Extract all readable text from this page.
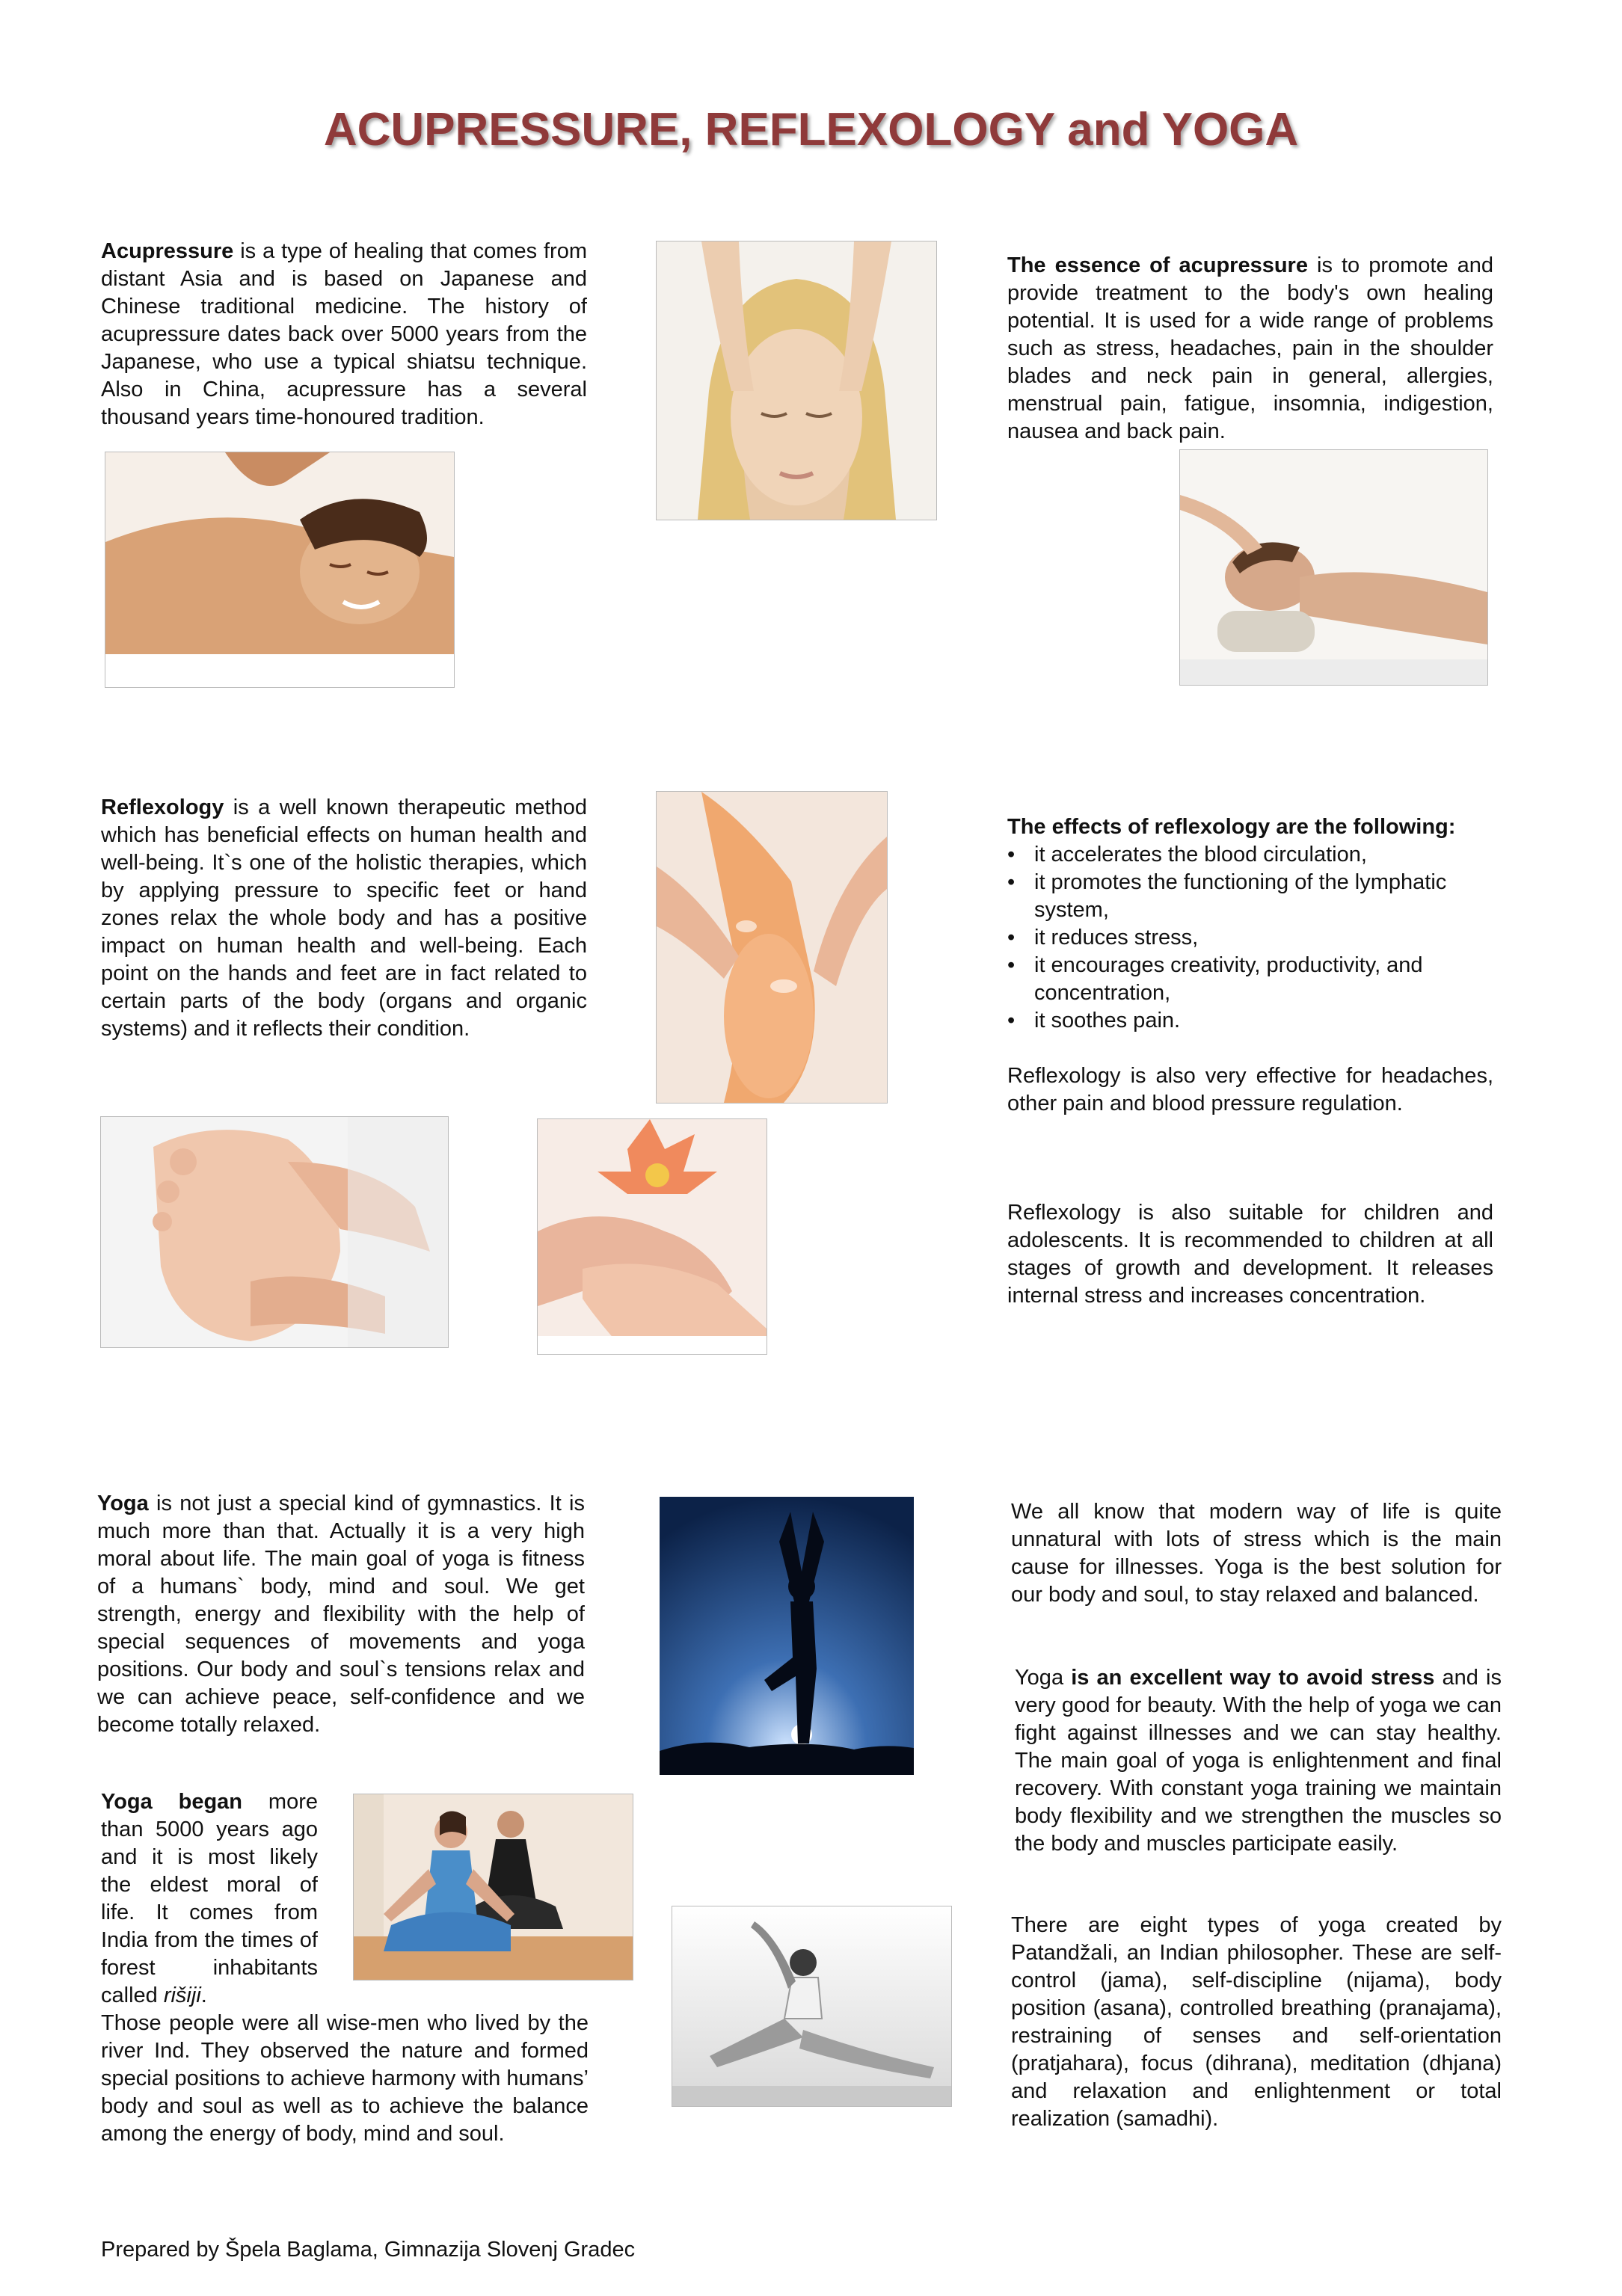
ACUPRESSURE, REFLEXOLOGY and YOGA
Acupressure is a type of healing that comes from distant Asia and is based on Japanese and Chinese traditional medicine. The history of acupressure dates back over 5000 years from the Japanese, who use a typical shiatsu technique. Also in China, acupressure has a several thousand years time-honoured tradition.
The essence of acupressure is to promote and provide treatment to the body's own healing potential. It is used for a wide range of problems such as stress, headaches, pain in the shoulder blades and neck pain in general, allergies, menstrual pain, fatigue, insomnia, indigestion, nausea and back pain.
Reflexology is a well known therapeutic method which has beneficial effects on human health and well-being. It`s one of the holistic therapies, which by applying pressure to specific feet or hand zones relax the whole body and has a positive impact on human health and well-being. Each point on the hands and feet are in fact related to certain parts of the body (organs and organic systems) and it reflects their condition.
The effects of reflexology are the following:
• it accelerates the blood circulation,
• it promotes the functioning of the lymphatic system,
• it reduces stress,
• it encourages creativity, productivity, and concentration,
• it soothes pain.
Reflexology is also very effective for headaches, other pain and blood pressure regulation.
Reflexology is also suitable for children and adolescents. It is recommended to children at all stages of growth and development. It releases internal stress and increases concentration.
Yoga is not just a special kind of gymnastics. It is much more than that. Actually it is a very high moral about life. The main goal of yoga is fitness of a humans` body, mind and soul. We get strength, energy and flexibility with the help of special sequences of movements and yoga positions. Our body and soul`s tensions relax and we can achieve peace, self-confidence and we become totally relaxed.
We all know that modern way of life is quite unnatural with lots of stress which is the main cause for illnesses. Yoga is the best solution for our body and soul, to stay relaxed and balanced.
Yoga began more than 5000 years ago and it is most likely the eldest moral of life. It comes from India from the times of forest inhabitants called rišiji.
Those people were all wise-men who lived by the river Ind. They observed the nature and formed special positions to achieve harmony with humans’ body and soul as well as to achieve the balance among the energy of body, mind and soul.
Yoga is an excellent way to avoid stress and is very good for beauty. With the help of yoga we can fight against illnesses and we can stay healthy. The main goal of yoga is enlightenment and final recovery. With constant yoga training we maintain body flexibility and we strengthen the muscles so the body and muscles participate easily.
There are eight types of yoga created by Patandžali, an Indian philosopher. These are self-control (jama), self-discipline (nijama), body position (asana), controlled breathing (pranajama), restraining of senses and self-orientation (pratjahara), focus (dihrana), meditation (dhjana) and relaxation and enlightenment or total realization (samadhi).
Prepared by Špela Baglama, Gimnazija Slovenj Gradec
